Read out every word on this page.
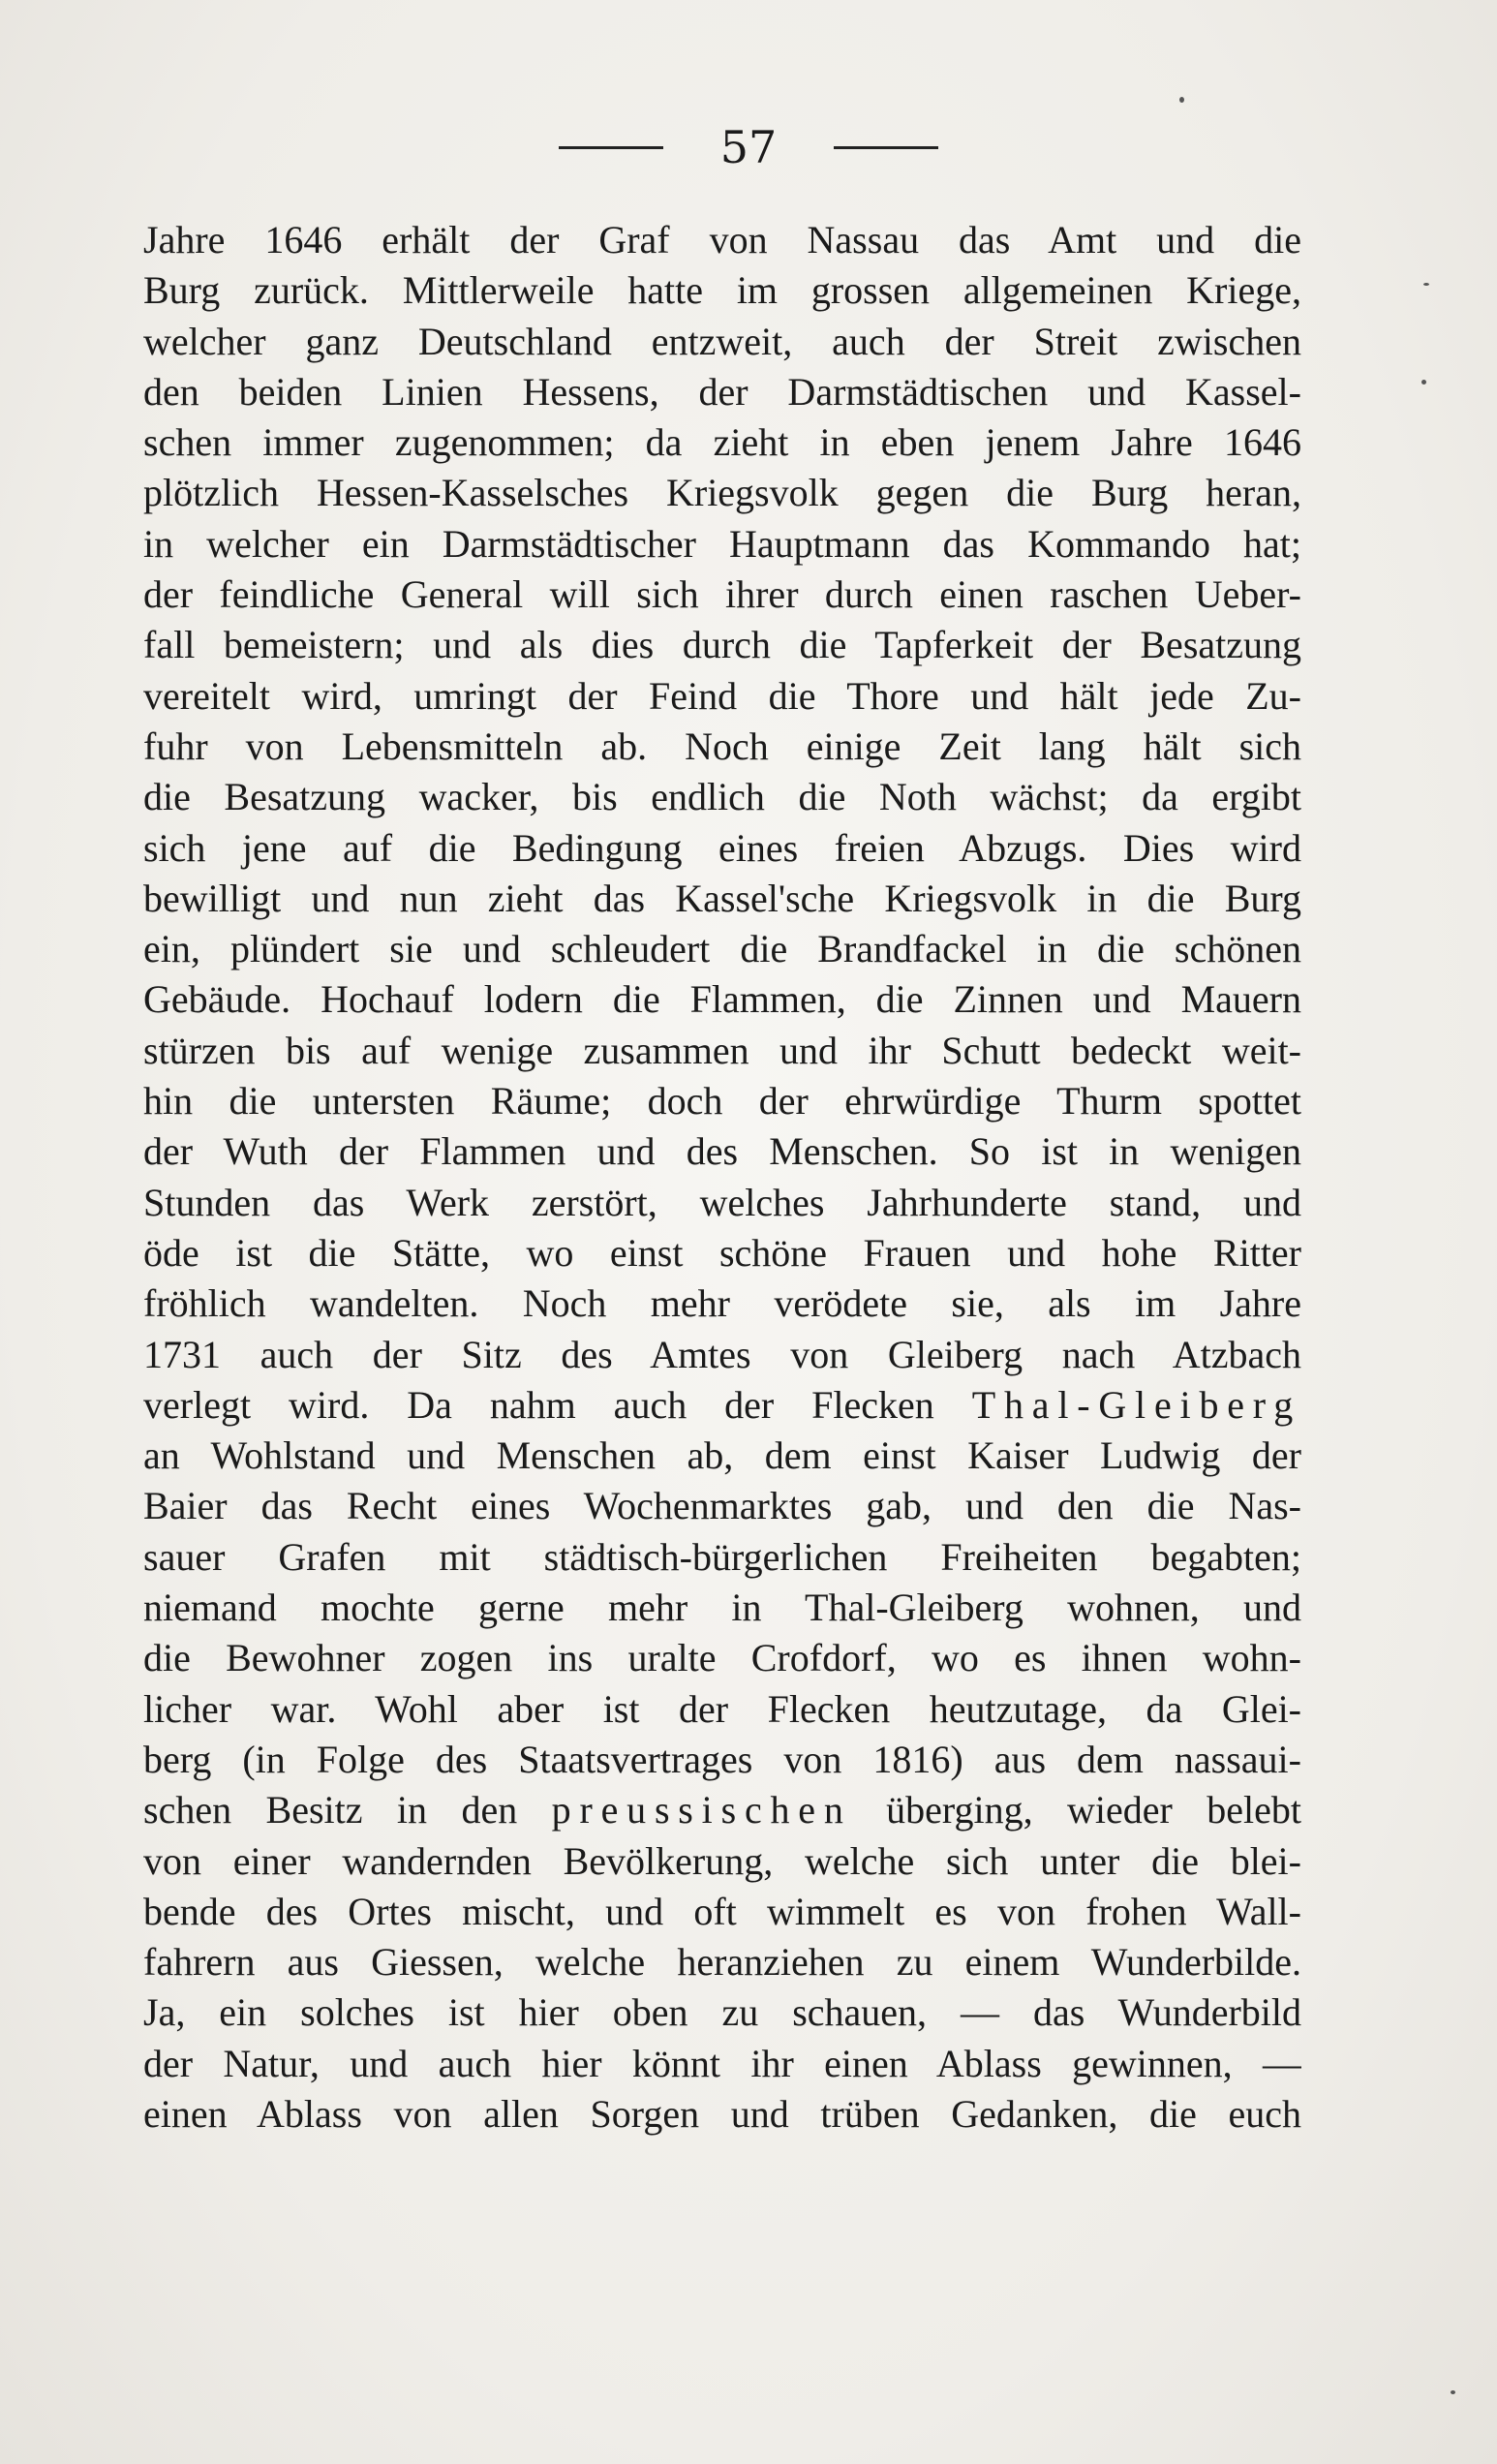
57
Jahre 1646 erhält der Graf von Nassau das Amt und die
Burg zurück. Mittlerweile hatte im grossen allgemeinen Kriege,
welcher ganz Deutschland entzweit, auch der Streit zwischen
den beiden Linien Hessens, der Darmstädtischen und Kassel-
schen immer zugenommen; da zieht in eben jenem Jahre 1646
plötzlich Hessen-Kasselsches Kriegsvolk gegen die Burg heran,
in welcher ein Darmstädtischer Hauptmann das Kommando hat;
der feindliche General will sich ihrer durch einen raschen Ueber-
fall bemeistern; und als dies durch die Tapferkeit der Besatzung
vereitelt wird, umringt der Feind die Thore und hält jede Zu-
fuhr von Lebensmitteln ab. Noch einige Zeit lang hält sich
die Besatzung wacker, bis endlich die Noth wächst; da ergibt
sich jene auf die Bedingung eines freien Abzugs. Dies wird
bewilligt und nun zieht das Kassel'sche Kriegsvolk in die Burg
ein, plündert sie und schleudert die Brandfackel in die schönen
Gebäude. Hochauf lodern die Flammen, die Zinnen und Mauern
stürzen bis auf wenige zusammen und ihr Schutt bedeckt weit-
hin die untersten Räume; doch der ehrwürdige Thurm spottet
der Wuth der Flammen und des Menschen. So ist in wenigen
Stunden das Werk zerstört, welches Jahrhunderte stand, und
öde ist die Stätte, wo einst schöne Frauen und hohe Ritter
fröhlich wandelten. Noch mehr verödete sie, als im Jahre
1731 auch der Sitz des Amtes von Gleiberg nach Atzbach
verlegt wird. Da nahm auch der Flecken Thal-Gleiberg
an Wohlstand und Menschen ab, dem einst Kaiser Ludwig der
Baier das Recht eines Wochenmarktes gab, und den die Nas-
sauer Grafen mit städtisch-bürgerlichen Freiheiten begabten;
niemand mochte gerne mehr in Thal-Gleiberg wohnen, und
die Bewohner zogen ins uralte Crofdorf, wo es ihnen wohn-
licher war. Wohl aber ist der Flecken heutzutage, da Glei-
berg (in Folge des Staatsvertrages von 1816) aus dem nassaui-
schen Besitz in den preussischen überging, wieder belebt
von einer wandernden Bevölkerung, welche sich unter die blei-
bende des Ortes mischt, und oft wimmelt es von frohen Wall-
fahrern aus Giessen, welche heranziehen zu einem Wunderbilde.
Ja, ein solches ist hier oben zu schauen, — das Wunderbild
der Natur, und auch hier könnt ihr einen Ablass gewinnen, —
einen Ablass von allen Sorgen und trüben Gedanken, die euch
